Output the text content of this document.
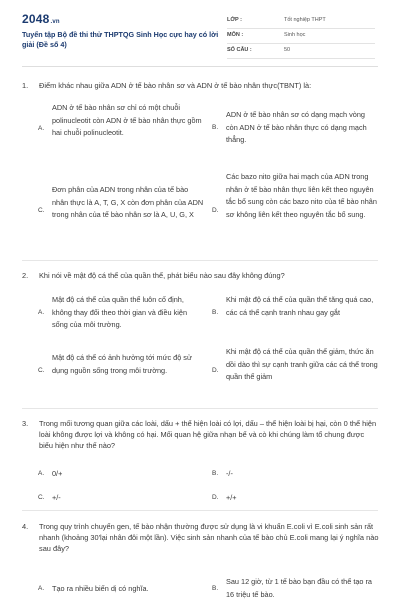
2048.vn
Tuyển tập Bộ đề thi thử THPTQG Sinh Học cực hay có lời giải (Đề số 4)
LỚP :	Tốt nghiệp THPT
MÔN :	Sinh học
SỐ CÂU :	50
1. Điểm khác nhau giữa ADN ở tế bào nhân sơ và ADN ở tế bào nhân thực(TBNT) là:
A.
ADN ở tế bào nhân sơ chỉ có một chuỗi polinucleotit còn ADN ở tế bào nhân thực gồm hai chuỗi polinucleotit.
B.
ADN ở tế bào nhân sơ có dạng mạch vòng còn ADN ở tế bào nhân thực có dạng mạch thẳng.
C.
Đơn phân của ADN trong nhân của tế bào nhân thực là A, T, G, X còn đơn phân của ADN trong nhân của tế bào nhân sơ là A, U, G, X	D.
Các bazo nito giữa hai mạch của ADN trong nhân ở tế bào nhân thực liên kết theo nguyên tắc bổ sung còn các bazo nito của tế bào nhân sơ không liên kết theo nguyên tắc bổ sung.
2. Khi nói về mật độ cá thể của quần thể, phát biểu nào sau đây không đúng?
A.
Mật độ cá thể của quần thể luôn cố định, không thay đổi theo thời gian và điều kiện sống của môi trường.
B.
Khi mật độ cá thể của quần thể tăng quá cao, các cá thể cạnh tranh nhau gay gắt
C.
Mật độ cá thể có ảnh hưởng tới mức độ sử dụng nguồn sống trong môi trường.	D.
Khi mật độ cá thể của quần thể giảm, thức ăn dồi dào thì sự cạnh tranh giữa các cá thể trong quần thể giảm
3. Trong mối tương quan giữa các loài, dấu + thể hiện loài có lợi, dấu – thể hiện loài bị hại, còn 0 thể hiện loài không được lợi và không có hại. Mối quan hệ giữa nhạn bể và cò khi chúng làm tổ chung được biểu hiện như thế nào?
A. 0/+	B. -/-
C. +/-	D. +/+
4. Trong quy trình chuyển gen, tế bào nhận thường được sử dụng là vi khuẩn E.coli vì E.coli sinh sản rất nhanh (khoảng 30'lại nhân đôi một lần). Việc sinh sản nhanh của tế bào chủ E.coli mang lại ý nghĩa nào sau đây?
A. Tạo ra nhiều biến dị có nghĩa.	B.
Sau 12 giờ, từ 1 tế bào bạn đầu có thể tạo ra 16 triệu tế bào.
